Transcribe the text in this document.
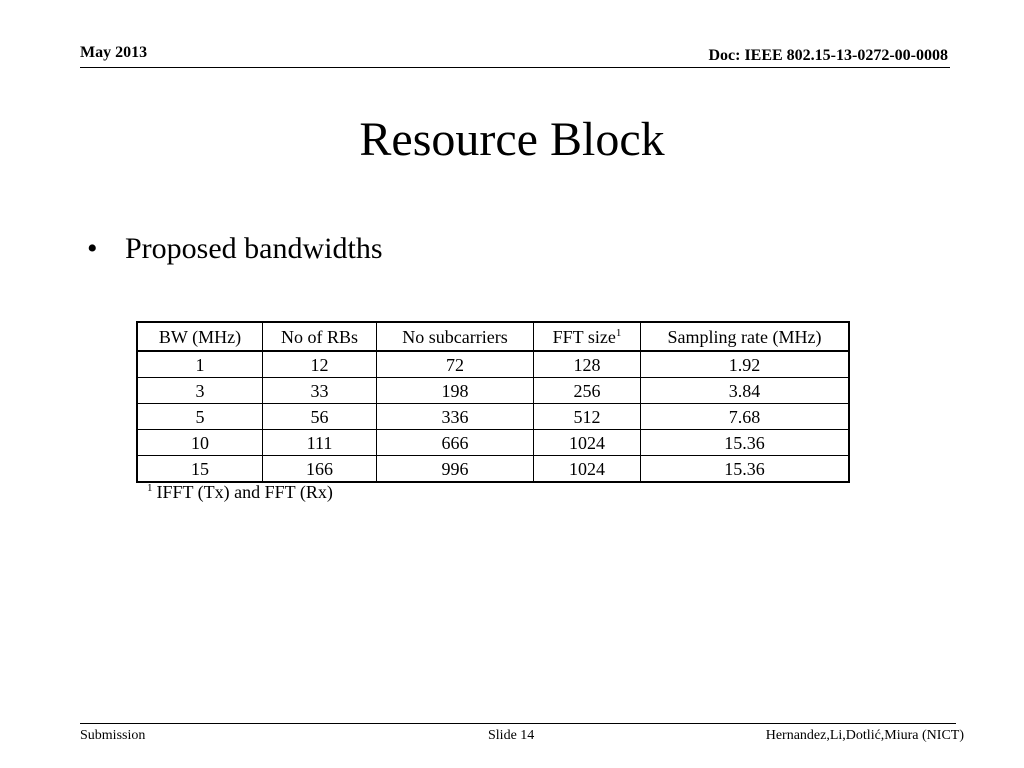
May 2013	Doc: IEEE 802.15-13-0272-00-0008
Resource Block
• Proposed bandwidths
BW (MHz)	No of RBs	No subcarriers	FFT size$^1$	Sampling rate (MHz)
1	12	72	128	1.92
3	33	198	256	3.84
5	56	336	512	7.68
10	111	666	1024	15.36
15	166	996	1024	15.36
$^1$ IFFT (Tx) and FFT (Rx)
Submission	Slide 14	Hernandez,Li,Dotlić,Miura (NICT)
